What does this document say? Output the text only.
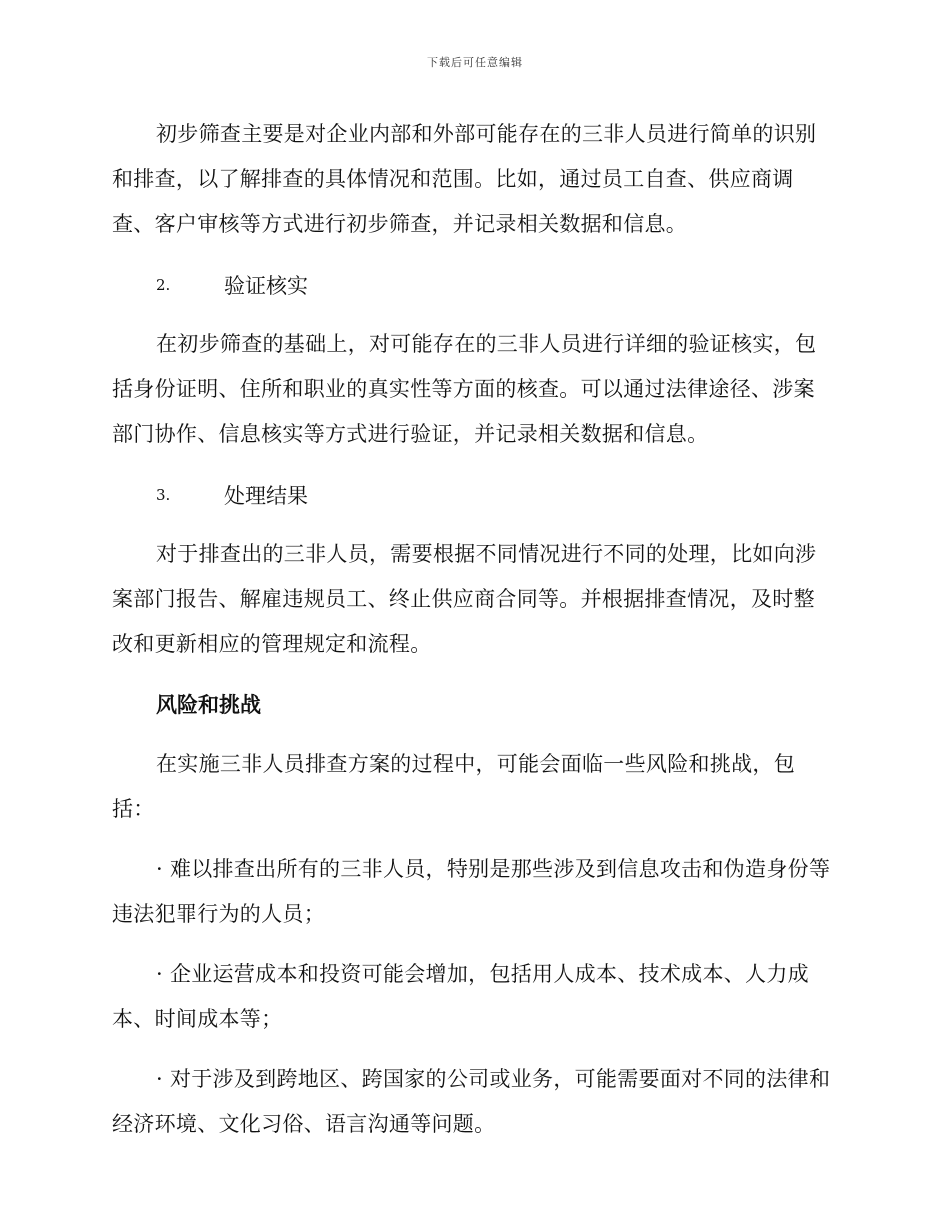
下载后可任意编辑

初步筛查主要是对企业内部和外部可能存在的三非人员进行简单的识别和排查，以了解排查的具体情况和范围。比如，通过员工自查、供应商调查、客户审核等方式进行初步筛查，并记录相关数据和信息。

2.	验证核实

在初步筛查的基础上，对可能存在的三非人员进行详细的验证核实，包括身份证明、住所和职业的真实性等方面的核查。可以通过法律途径、涉案部门协作、信息核实等方式进行验证，并记录相关数据和信息。

3.	处理结果

对于排查出的三非人员，需要根据不同情况进行不同的处理，比如向涉案部门报告、解雇违规员工、终止供应商合同等。并根据排查情况，及时整改和更新相应的管理规定和流程。

风险和挑战

在实施三非人员排查方案的过程中，可能会面临一些风险和挑战，包括：

· 难以排查出所有的三非人员，特别是那些涉及到信息攻击和伪造身份等违法犯罪行为的人员；

· 企业运营成本和投资可能会增加，包括用人成本、技术成本、人力成本、时间成本等；

· 对于涉及到跨地区、跨国家的公司或业务，可能需要面对不同的法律和经济环境、文化习俗、语言沟通等问题。
